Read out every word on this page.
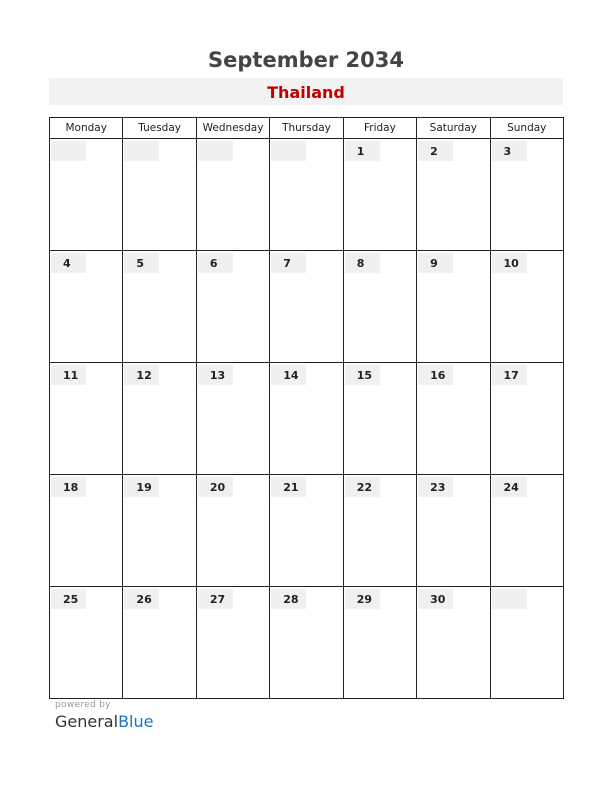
September 2034
Thailand
Monday	Tuesday	Wednesday	Thursday	Friday	Saturday	Sunday

				1	2	3

4	5	6	7	8	9	10

11	12	13	14	15	16	17

18	19	20	21	22	23	24

25	26	27	28	29	30	

powered by
GeneralBlue
